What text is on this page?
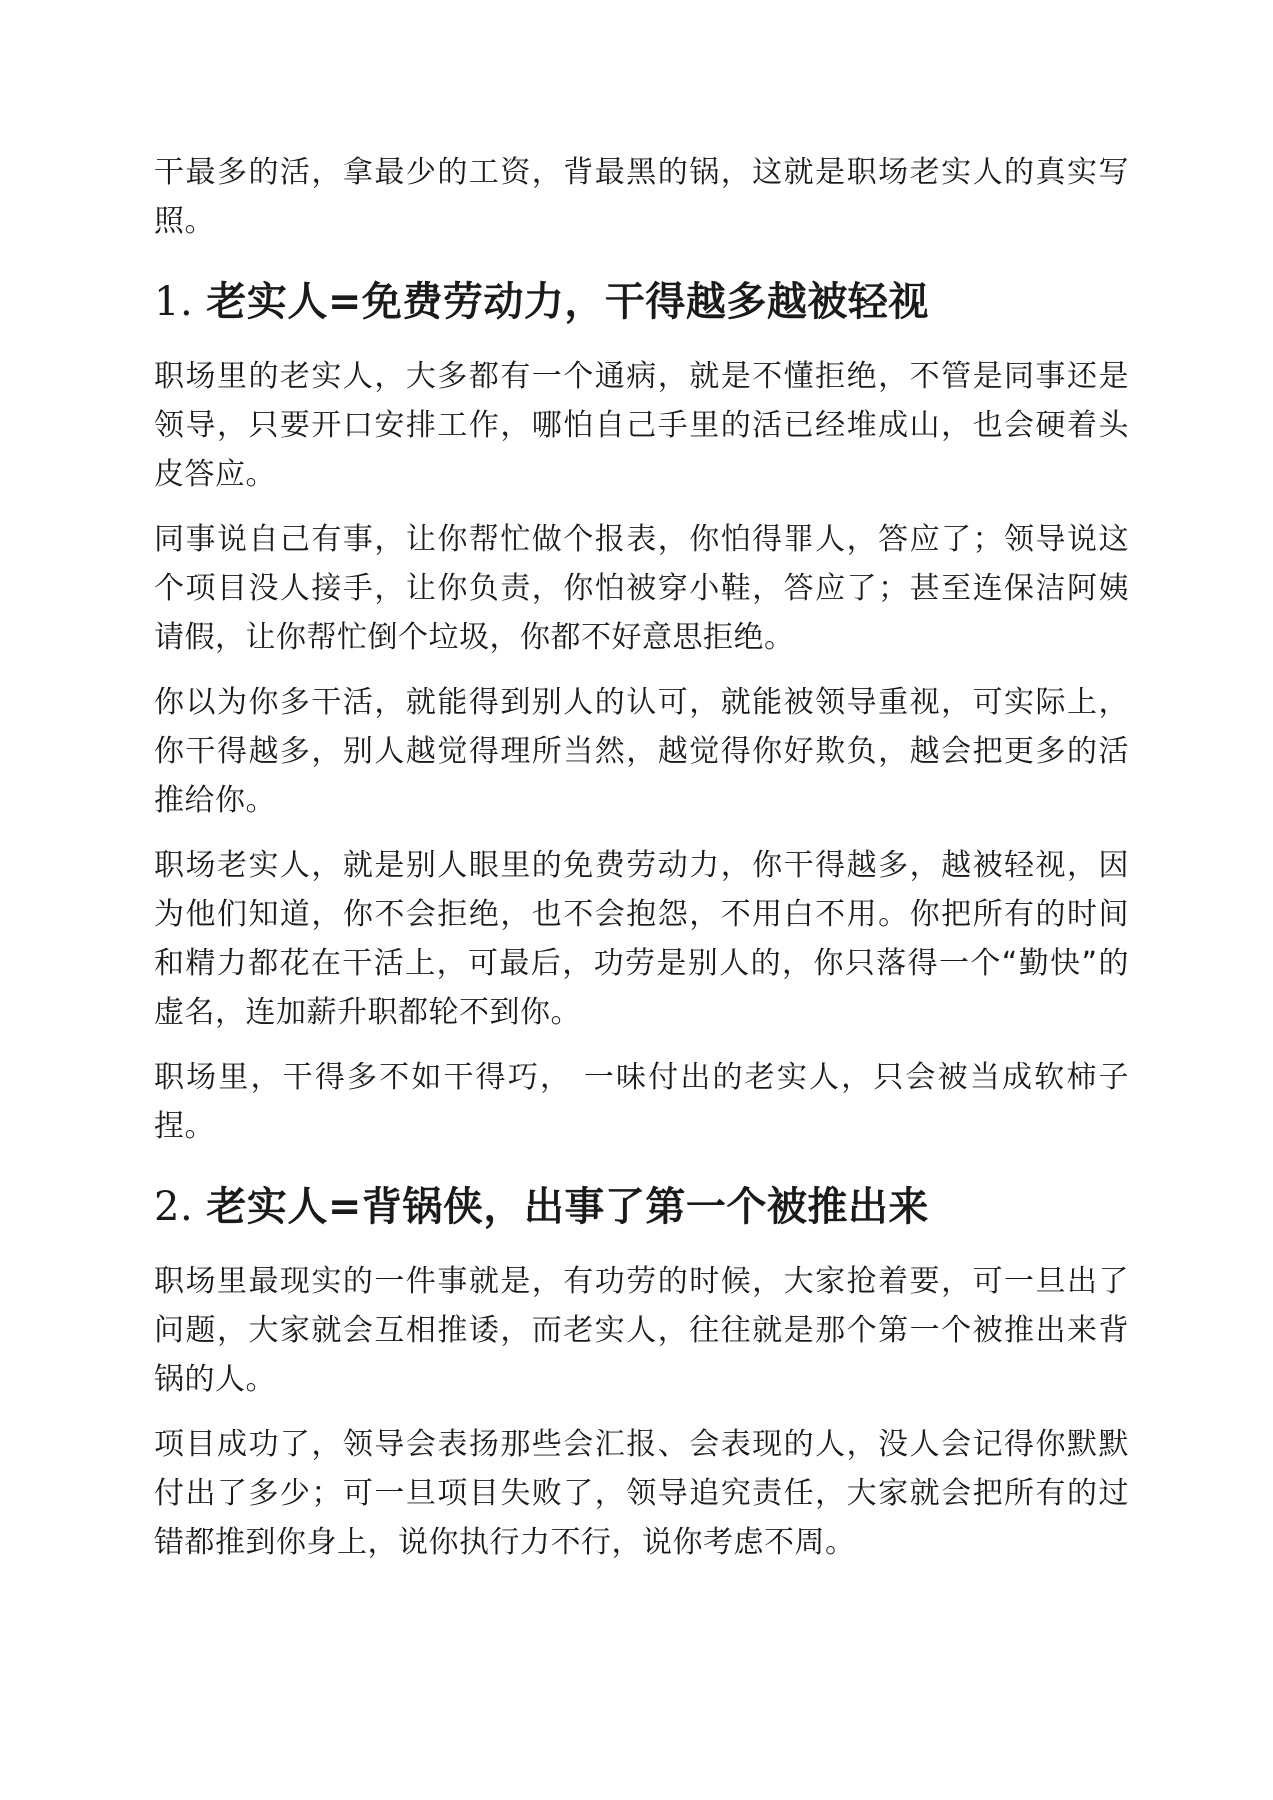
干最多的活，拿最少的工资，背最黑的锅，这就是职场老实人的真实写照。

1. 老实人=免费劳动力，干得越多越被轻视

职场里的老实人，大多都有一个通病，就是不懂拒绝，不管是同事还是领导，只要开口安排工作，哪怕自己手里的活已经堆成山，也会硬着头皮答应。

同事说自己有事，让你帮忙做个报表，你怕得罪人，答应了；领导说这个项目没人接手，让你负责，你怕被穿小鞋，答应了；甚至连保洁阿姨请假，让你帮忙倒个垃圾，你都不好意思拒绝。

你以为你多干活，就能得到别人的认可，就能被领导重视，可实际上，你干得越多，别人越觉得理所当然，越觉得你好欺负，越会把更多的活推给你。

职场老实人，就是别人眼里的免费劳动力，你干得越多，越被轻视，因为他们知道，你不会拒绝，也不会抱怨，不用白不用。你把所有的时间和精力都花在干活上，可最后，功劳是别人的，你只落得一个“勤快”的虚名，连加薪升职都轮不到你。

职场里，干得多不如干得巧， 一味付出的老实人，只会被当成软柿子捏。

2. 老实人=背锅侠，出事了第一个被推出来

职场里最现实的一件事就是，有功劳的时候，大家抢着要，可一旦出了问题，大家就会互相推诿，而老实人，往往就是那个第一个被推出来背锅的人。

项目成功了，领导会表扬那些会汇报、会表现的人，没人会记得你默默付出了多少；可一旦项目失败了，领导追究责任，大家就会把所有的过错都推到你身上，说你执行力不行，说你考虑不周。
